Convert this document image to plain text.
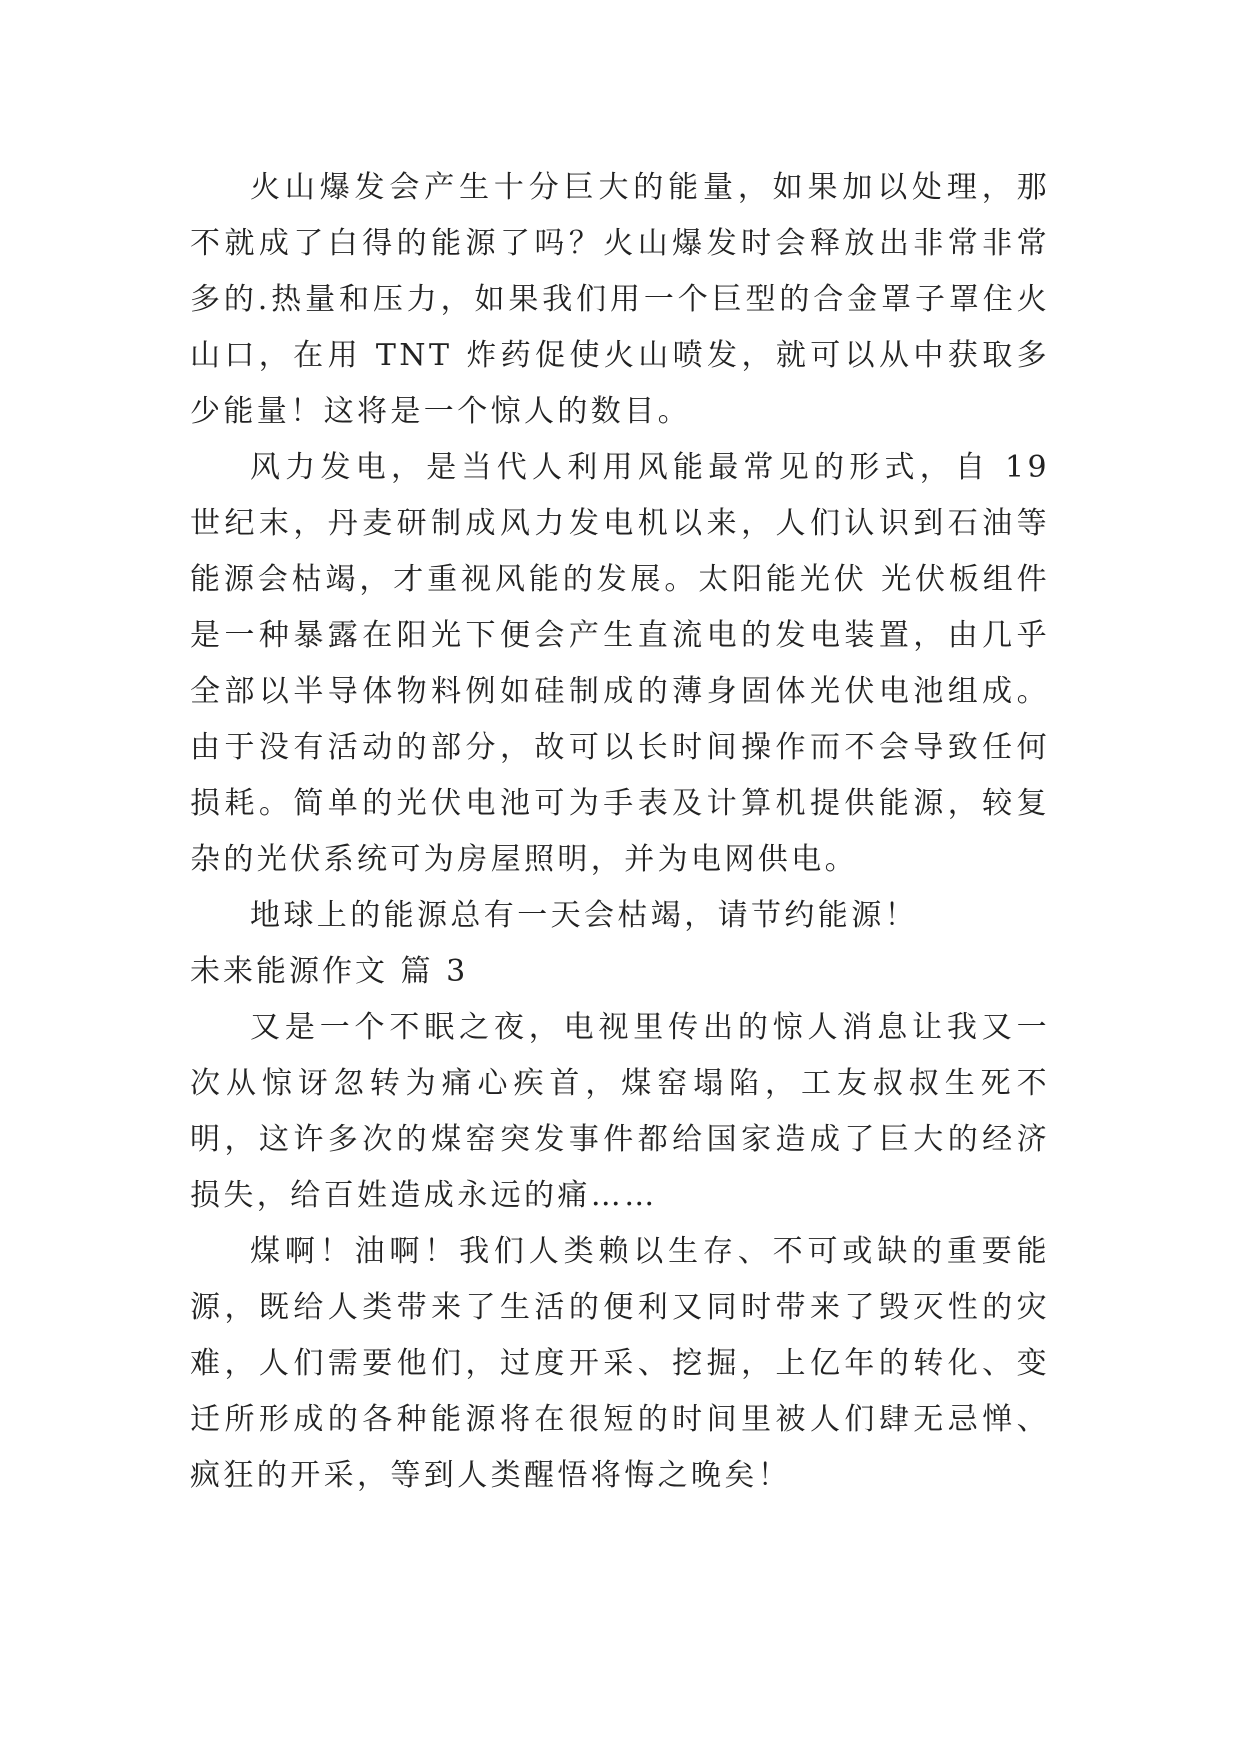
火山爆发会产生十分巨大的能量，如果加以处理，那不就成了白得的能源了吗？火山爆发时会释放出非常非常多的.热量和压力，如果我们用一个巨型的合金罩子罩住火山口，在用 TNT 炸药促使火山喷发，就可以从中获取多少能量！这将是一个惊人的数目。

风力发电，是当代人利用风能最常见的形式，自 19 世纪末，丹麦研制成风力发电机以来，人们认识到石油等能源会枯竭，才重视风能的发展。太阳能光伏 光伏板组件是一种暴露在阳光下便会产生直流电的发电装置，由几乎全部以半导体物料例如硅制成的薄身固体光伏电池组成。由于没有活动的部分，故可以长时间操作而不会导致任何损耗。简单的光伏电池可为手表及计算机提供能源，较复杂的光伏系统可为房屋照明，并为电网供电。

地球上的能源总有一天会枯竭，请节约能源！

未来能源作文 篇 3

又是一个不眠之夜，电视里传出的惊人消息让我又一次从惊讶忽转为痛心疾首，煤窑塌陷，工友叔叔生死不明，这许多次的煤窑突发事件都给国家造成了巨大的经济损失，给百姓造成永远的痛……

煤啊！油啊！我们人类赖以生存、不可或缺的重要能源，既给人类带来了生活的便利又同时带来了毁灭性的灾难，人们需要他们，过度开采、挖掘，上亿年的转化、变迁所形成的各种能源将在很短的时间里被人们肆无忌惮、疯狂的开采，等到人类醒悟将悔之晚矣！
